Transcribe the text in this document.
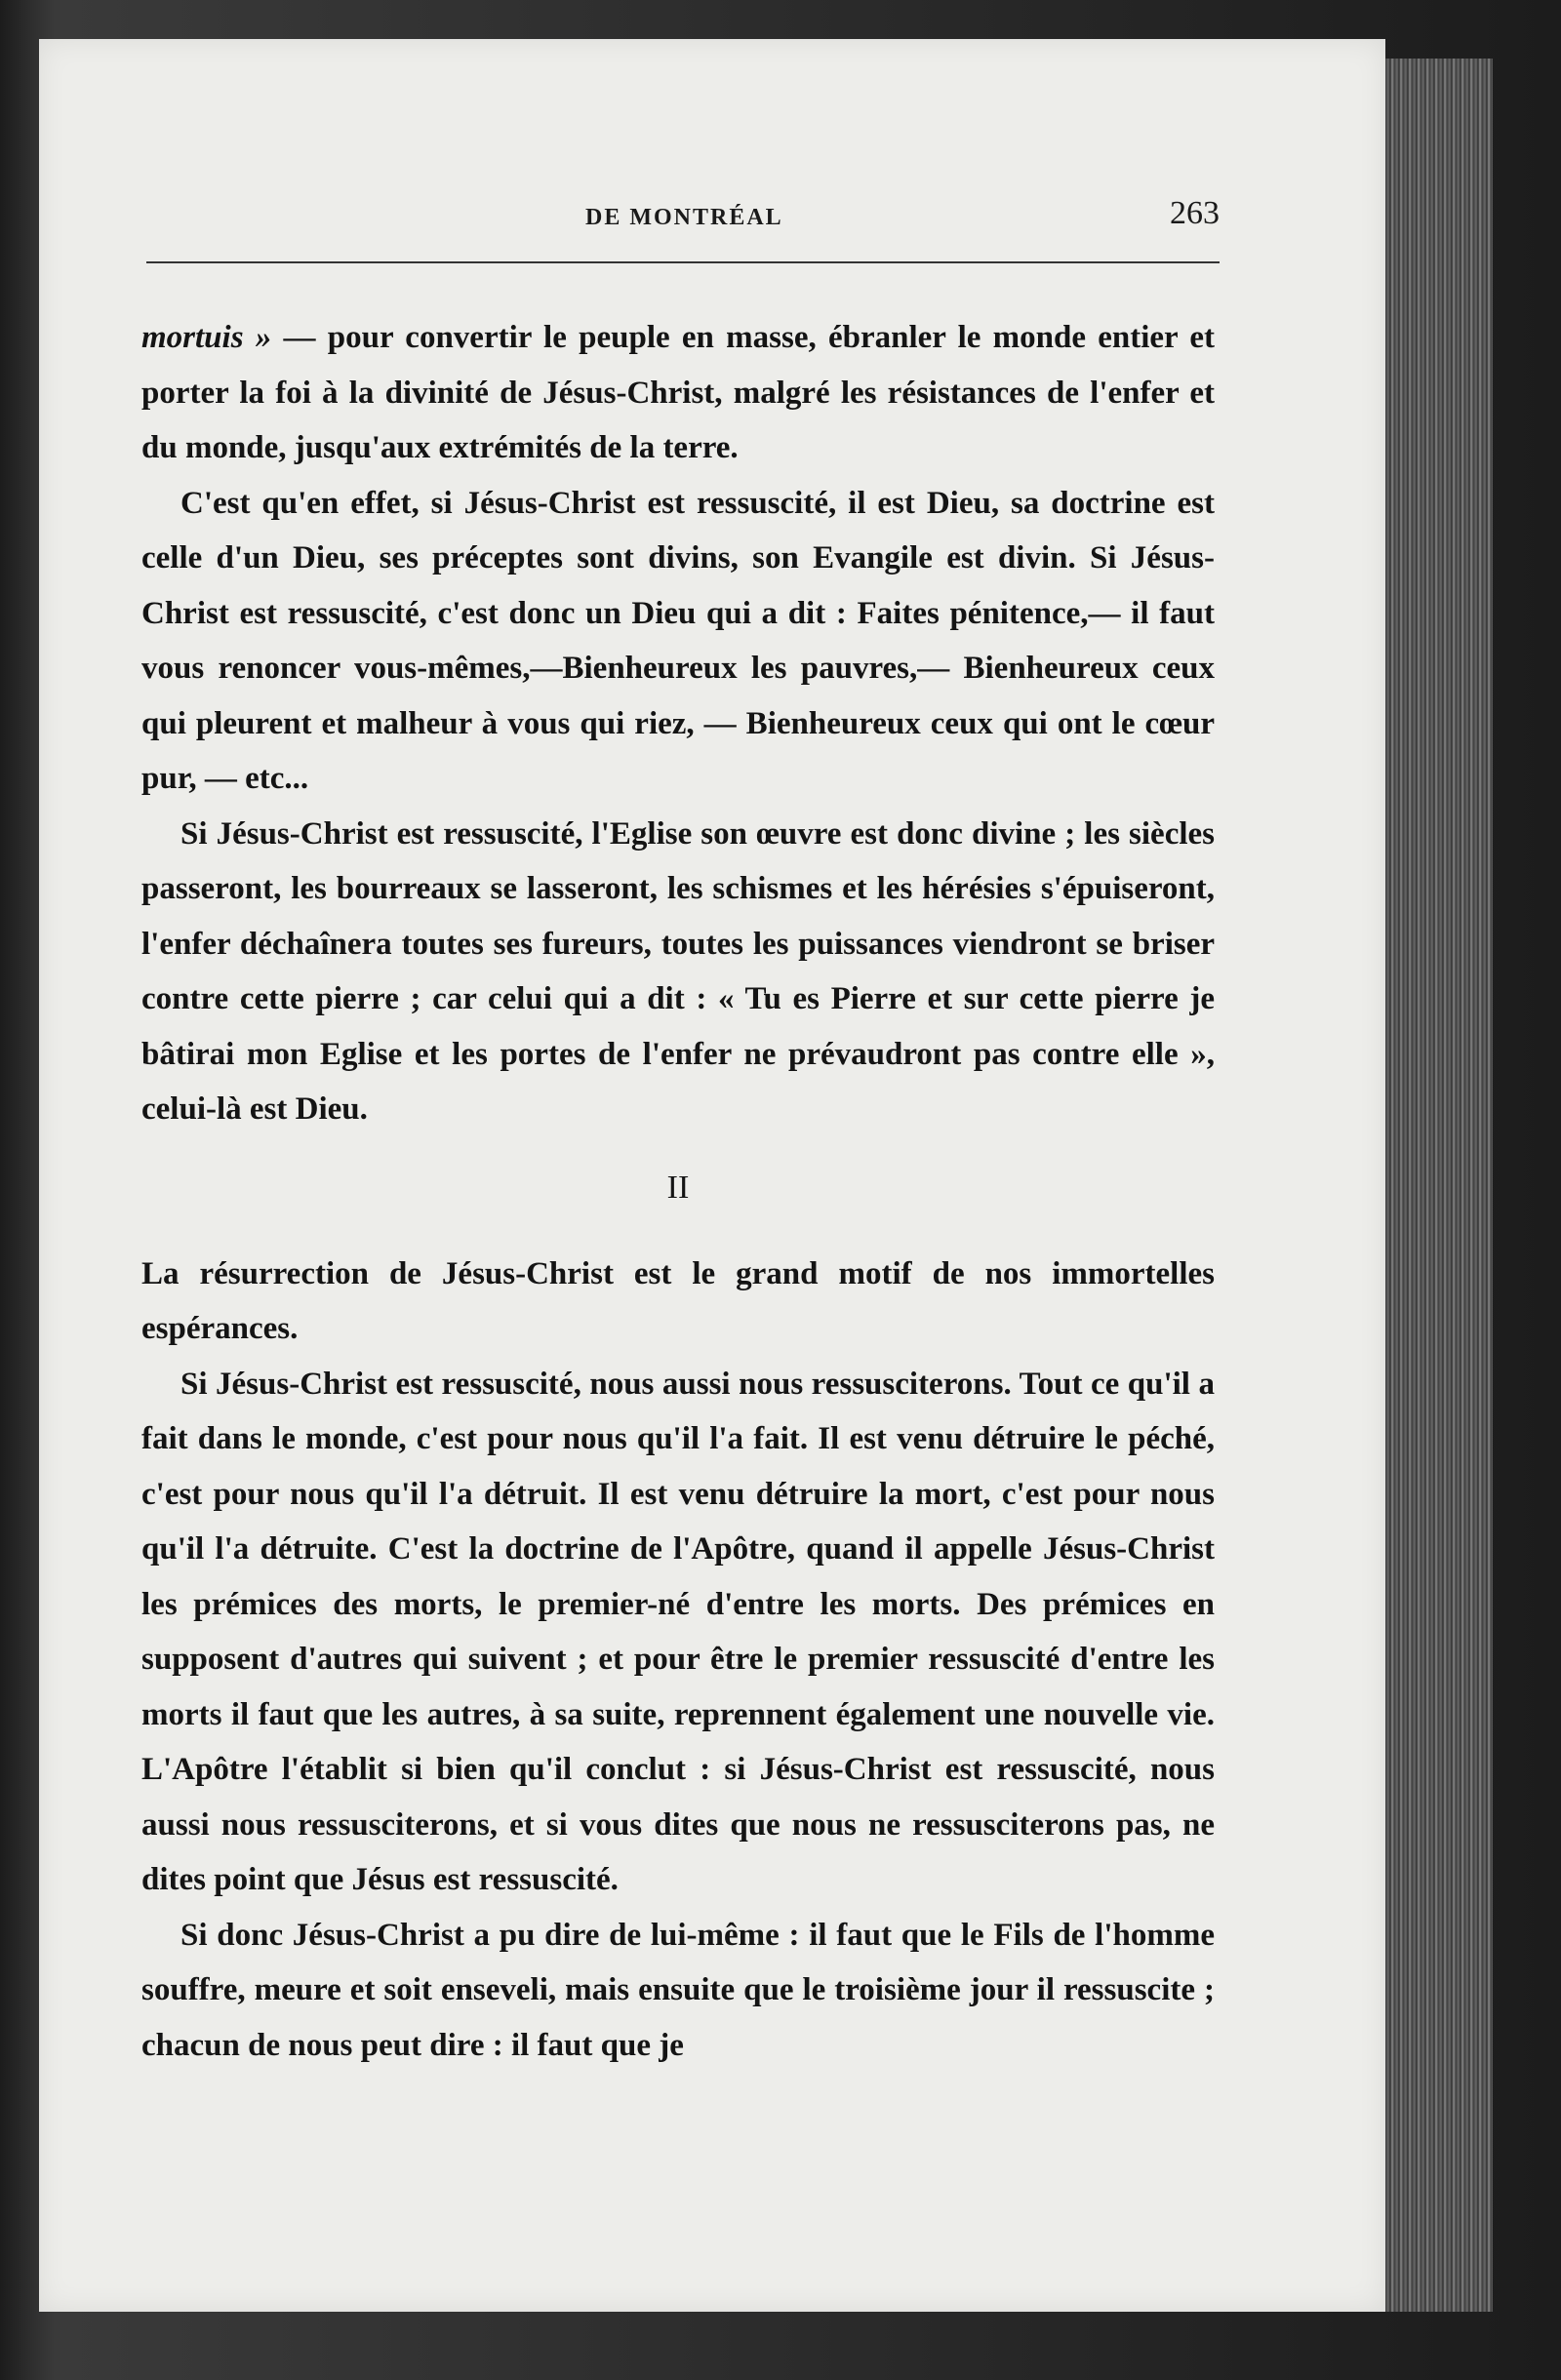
DE MONTRÉAL	263

mortuis » — pour convertir le peuple en masse, ébranler le monde entier et porter la foi à la divinité de Jésus-Christ, malgré les résistances de l'enfer et du monde, jusqu'aux extrémités de la terre.

C'est qu'en effet, si Jésus-Christ est ressuscité, il est Dieu, sa doctrine est celle d'un Dieu, ses préceptes sont divins, son Evangile est divin. Si Jésus-Christ est ressuscité, c'est donc un Dieu qui a dit : Faites pénitence,— il faut vous renoncer vous-mêmes,—Bienheureux les pauvres,— Bienheureux ceux qui pleurent et malheur à vous qui riez, — Bienheureux ceux qui ont le cœur pur, — etc...

Si Jésus-Christ est ressuscité, l'Eglise son œuvre est donc divine ; les siècles passeront, les bourreaux se lasseront, les schismes et les hérésies s'épuiseront, l'enfer déchaînera toutes ses fureurs, toutes les puissances viendront se briser contre cette pierre ; car celui qui a dit : « Tu es Pierre et sur cette pierre je bâtirai mon Eglise et les portes de l'enfer ne prévaudront pas contre elle », celui-là est Dieu.

II

La résurrection de Jésus-Christ est le grand motif de nos immortelles espérances.

Si Jésus-Christ est ressuscité, nous aussi nous ressusciterons. Tout ce qu'il a fait dans le monde, c'est pour nous qu'il l'a fait. Il est venu détruire le péché, c'est pour nous qu'il l'a détruit. Il est venu détruire la mort, c'est pour nous qu'il l'a détruite. C'est la doctrine de l'Apôtre, quand il appelle Jésus-Christ les prémices des morts, le premier-né d'entre les morts. Des prémices en supposent d'autres qui suivent ; et pour être le premier ressuscité d'entre les morts il faut que les autres, à sa suite, reprennent également une nouvelle vie. L'Apôtre l'établit si bien qu'il conclut : si Jésus-Christ est ressuscité, nous aussi nous ressusciterons, et si vous dites que nous ne ressusciterons pas, ne dites point que Jésus est ressuscité.

Si donc Jésus-Christ a pu dire de lui-même : il faut que le Fils de l'homme souffre, meure et soit enseveli, mais ensuite que le troisième jour il ressuscite ; chacun de nous peut dire : il faut que je
